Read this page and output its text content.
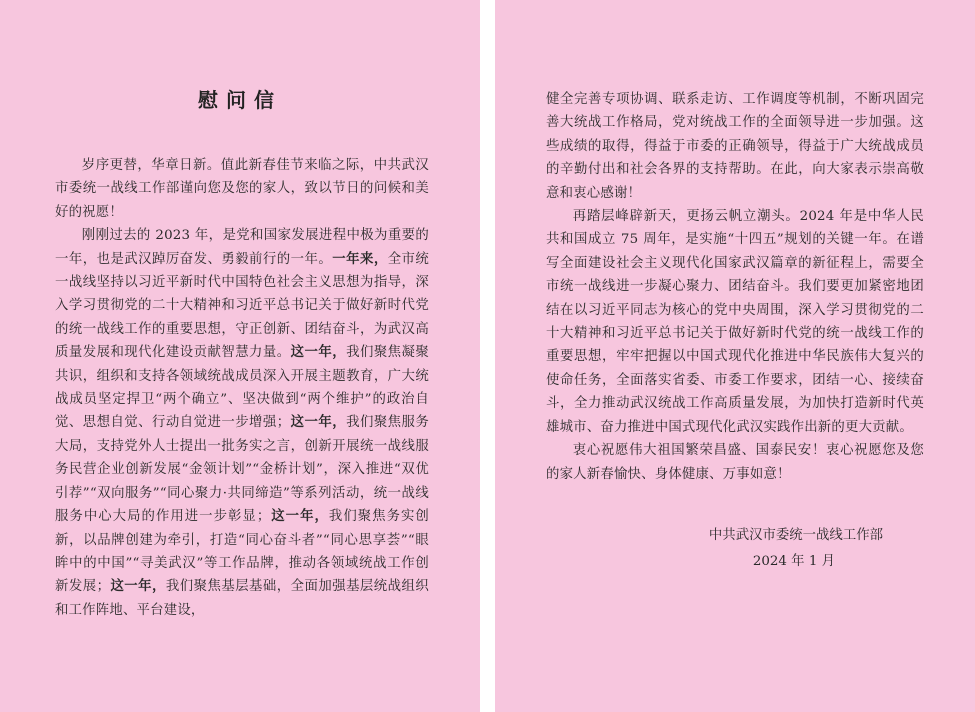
慰问信

岁序更替，华章日新。值此新春佳节来临之际，中共武汉市委统一战线工作部谨向您及您的家人，致以节日的问候和美好的祝愿！

刚刚过去的 2023 年，是党和国家发展进程中极为重要的一年，也是武汉踔厉奋发、勇毅前行的一年。一年来，全市统一战线坚持以习近平新时代中国特色社会主义思想为指导，深入学习贯彻党的二十大精神和习近平总书记关于做好新时代党的统一战线工作的重要思想，守正创新、团结奋斗，为武汉高质量发展和现代化建设贡献智慧力量。这一年，我们聚焦凝聚共识，组织和支持各领域统战成员深入开展主题教育，广大统战成员坚定捍卫“两个确立”、坚决做到“两个维护”的政治自觉、思想自觉、行动自觉进一步增强；这一年，我们聚焦服务大局，支持党外人士提出一批务实之言，创新开展统一战线服务民营企业创新发展“金领计划”“金桥计划”，深入推进“双优引荐”“双向服务”“同心聚力·共同缔造”等系列活动，统一战线服务中心大局的作用进一步彰显；这一年，我们聚焦务实创新，以品牌创建为牵引，打造“同心奋斗者”“同心思享荟”“眼眸中的中国”“寻美武汉”等工作品牌，推动各领域统战工作创新发展；这一年，我们聚焦基层基础，全面加强基层统战组织和工作阵地、平台建设，

健全完善专项协调、联系走访、工作调度等机制，不断巩固完善大统战工作格局，党对统战工作的全面领导进一步加强。这些成绩的取得，得益于市委的正确领导，得益于广大统战成员的辛勤付出和社会各界的支持帮助。在此，向大家表示崇高敬意和衷心感谢！

再踏层峰辟新天，更扬云帆立潮头。2024 年是中华人民共和国成立 75 周年，是实施“十四五”规划的关键一年。在谱写全面建设社会主义现代化国家武汉篇章的新征程上，需要全市统一战线进一步凝心聚力、团结奋斗。我们要更加紧密地团结在以习近平同志为核心的党中央周围，深入学习贯彻党的二十大精神和习近平总书记关于做好新时代党的统一战线工作的重要思想，牢牢把握以中国式现代化推进中华民族伟大复兴的使命任务，全面落实省委、市委工作要求，团结一心、接续奋斗，全力推动武汉统战工作高质量发展，为加快打造新时代英雄城市、奋力推进中国式现代化武汉实践作出新的更大贡献。

衷心祝愿伟大祖国繁荣昌盛、国泰民安！衷心祝愿您及您的家人新春愉快、身体健康、万事如意！

中共武汉市委统一战线工作部
2024 年 1 月
